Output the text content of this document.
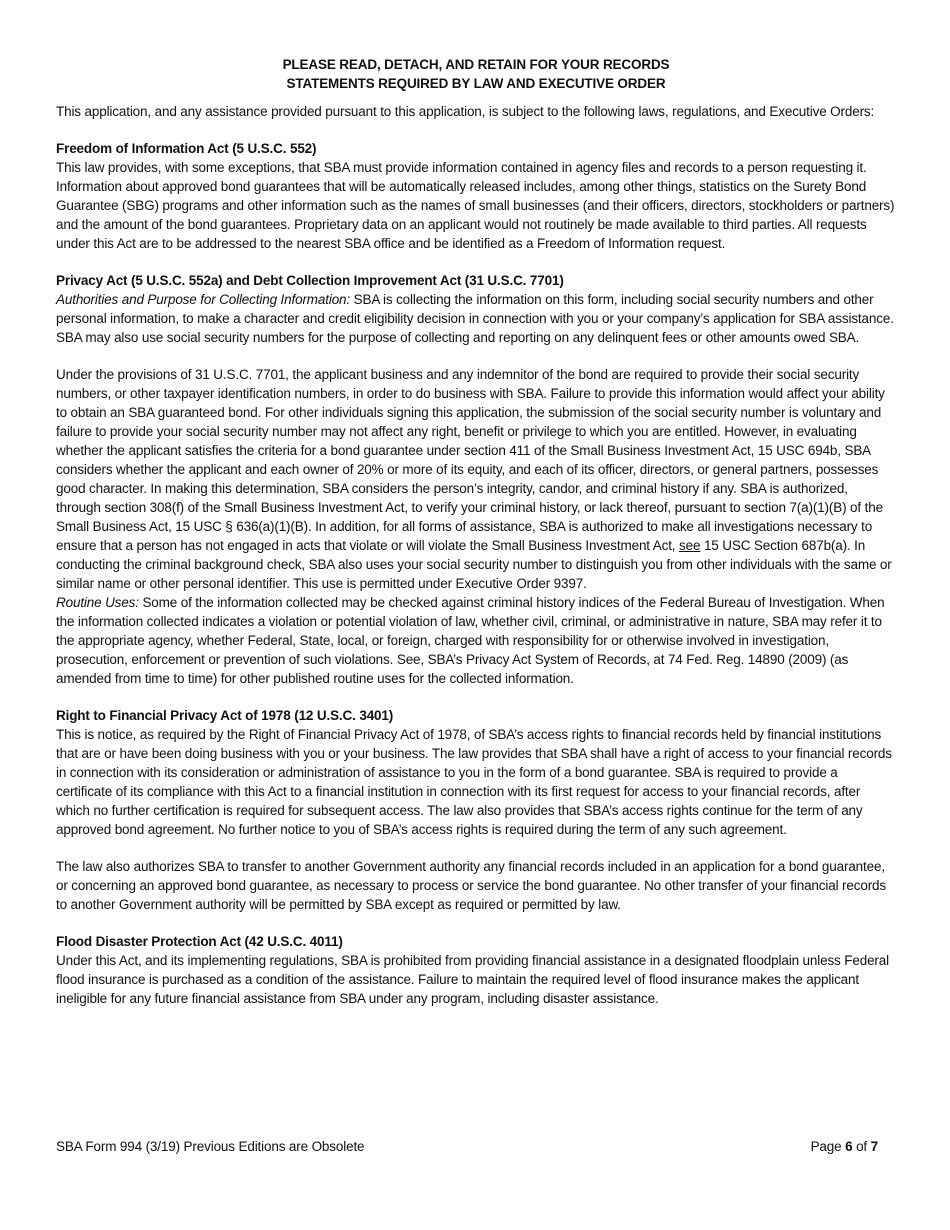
PLEASE READ, DETACH, AND RETAIN FOR YOUR RECORDS
STATEMENTS REQUIRED BY LAW AND EXECUTIVE ORDER

This application, and any assistance provided pursuant to this application, is subject to the following laws, regulations, and Executive Orders:

Freedom of Information Act (5 U.S.C. 552)

This law provides, with some exceptions, that SBA must provide information contained in agency files and records to a person requesting it. Information about approved bond guarantees that will be automatically released includes, among other things, statistics on the Surety Bond Guarantee (SBG) programs and other information such as the names of small businesses (and their officers, directors, stockholders or partners) and the amount of the bond guarantees. Proprietary data on an applicant would not routinely be made available to third parties. All requests under this Act are to be addressed to the nearest SBA office and be identified as a Freedom of Information request.

Privacy Act (5 U.S.C. 552a) and Debt Collection Improvement Act (31 U.S.C. 7701)

Authorities and Purpose for Collecting Information: SBA is collecting the information on this form, including social security numbers and other personal information, to make a character and credit eligibility decision in connection with you or your company’s application for SBA assistance. SBA may also use social security numbers for the purpose of collecting and reporting on any delinquent fees or other amounts owed SBA.

Under the provisions of 31 U.S.C. 7701, the applicant business and any indemnitor of the bond are required to provide their social security numbers, or other taxpayer identification numbers, in order to do business with SBA. Failure to provide this information would affect your ability to obtain an SBA guaranteed bond. For other individuals signing this application, the submission of the social security number is voluntary and failure to provide your social security number may not affect any right, benefit or privilege to which you are entitled. However, in evaluating whether the applicant satisfies the criteria for a bond guarantee under section 411 of the Small Business Investment Act, 15 USC 694b, SBA considers whether the applicant and each owner of 20% or more of its equity, and each of its officer, directors, or general partners, possesses good character. In making this determination, SBA considers the person’s integrity, candor, and criminal history if any. SBA is authorized, through section 308(f) of the Small Business Investment Act, to verify your criminal history, or lack thereof, pursuant to section 7(a)(1)(B) of the Small Business Act, 15 USC § 636(a)(1)(B). In addition, for all forms of assistance, SBA is authorized to make all investigations necessary to ensure that a person has not engaged in acts that violate or will violate the Small Business Investment Act, see 15 USC Section 687b(a). In conducting the criminal background check, SBA also uses your social security number to distinguish you from other individuals with the same or similar name or other personal identifier. This use is permitted under Executive Order 9397.

Routine Uses: Some of the information collected may be checked against criminal history indices of the Federal Bureau of Investigation. When the information collected indicates a violation or potential violation of law, whether civil, criminal, or administrative in nature, SBA may refer it to the appropriate agency, whether Federal, State, local, or foreign, charged with responsibility for or otherwise involved in investigation, prosecution, enforcement or prevention of such violations. See, SBA’s Privacy Act System of Records, at 74 Fed. Reg. 14890 (2009) (as amended from time to time) for other published routine uses for the collected information.

Right to Financial Privacy Act of 1978 (12 U.S.C. 3401)

This is notice, as required by the Right of Financial Privacy Act of 1978, of SBA’s access rights to financial records held by financial institutions that are or have been doing business with you or your business. The law provides that SBA shall have a right of access to your financial records in connection with its consideration or administration of assistance to you in the form of a bond guarantee. SBA is required to provide a certificate of its compliance with this Act to a financial institution in connection with its first request for access to your financial records, after which no further certification is required for subsequent access. The law also provides that SBA’s access rights continue for the term of any approved bond agreement. No further notice to you of SBA’s access rights is required during the term of any such agreement.

The law also authorizes SBA to transfer to another Government authority any financial records included in an application for a bond guarantee, or concerning an approved bond guarantee, as necessary to process or service the bond guarantee. No other transfer of your financial records to another Government authority will be permitted by SBA except as required or permitted by law.

Flood Disaster Protection Act (42 U.S.C. 4011)

Under this Act, and its implementing regulations, SBA is prohibited from providing financial assistance in a designated floodplain unless Federal flood insurance is purchased as a condition of the assistance. Failure to maintain the required level of flood insurance makes the applicant ineligible for any future financial assistance from SBA under any program, including disaster assistance.

SBA Form 994 (3/19) Previous Editions are Obsolete	Page 6 of 7
